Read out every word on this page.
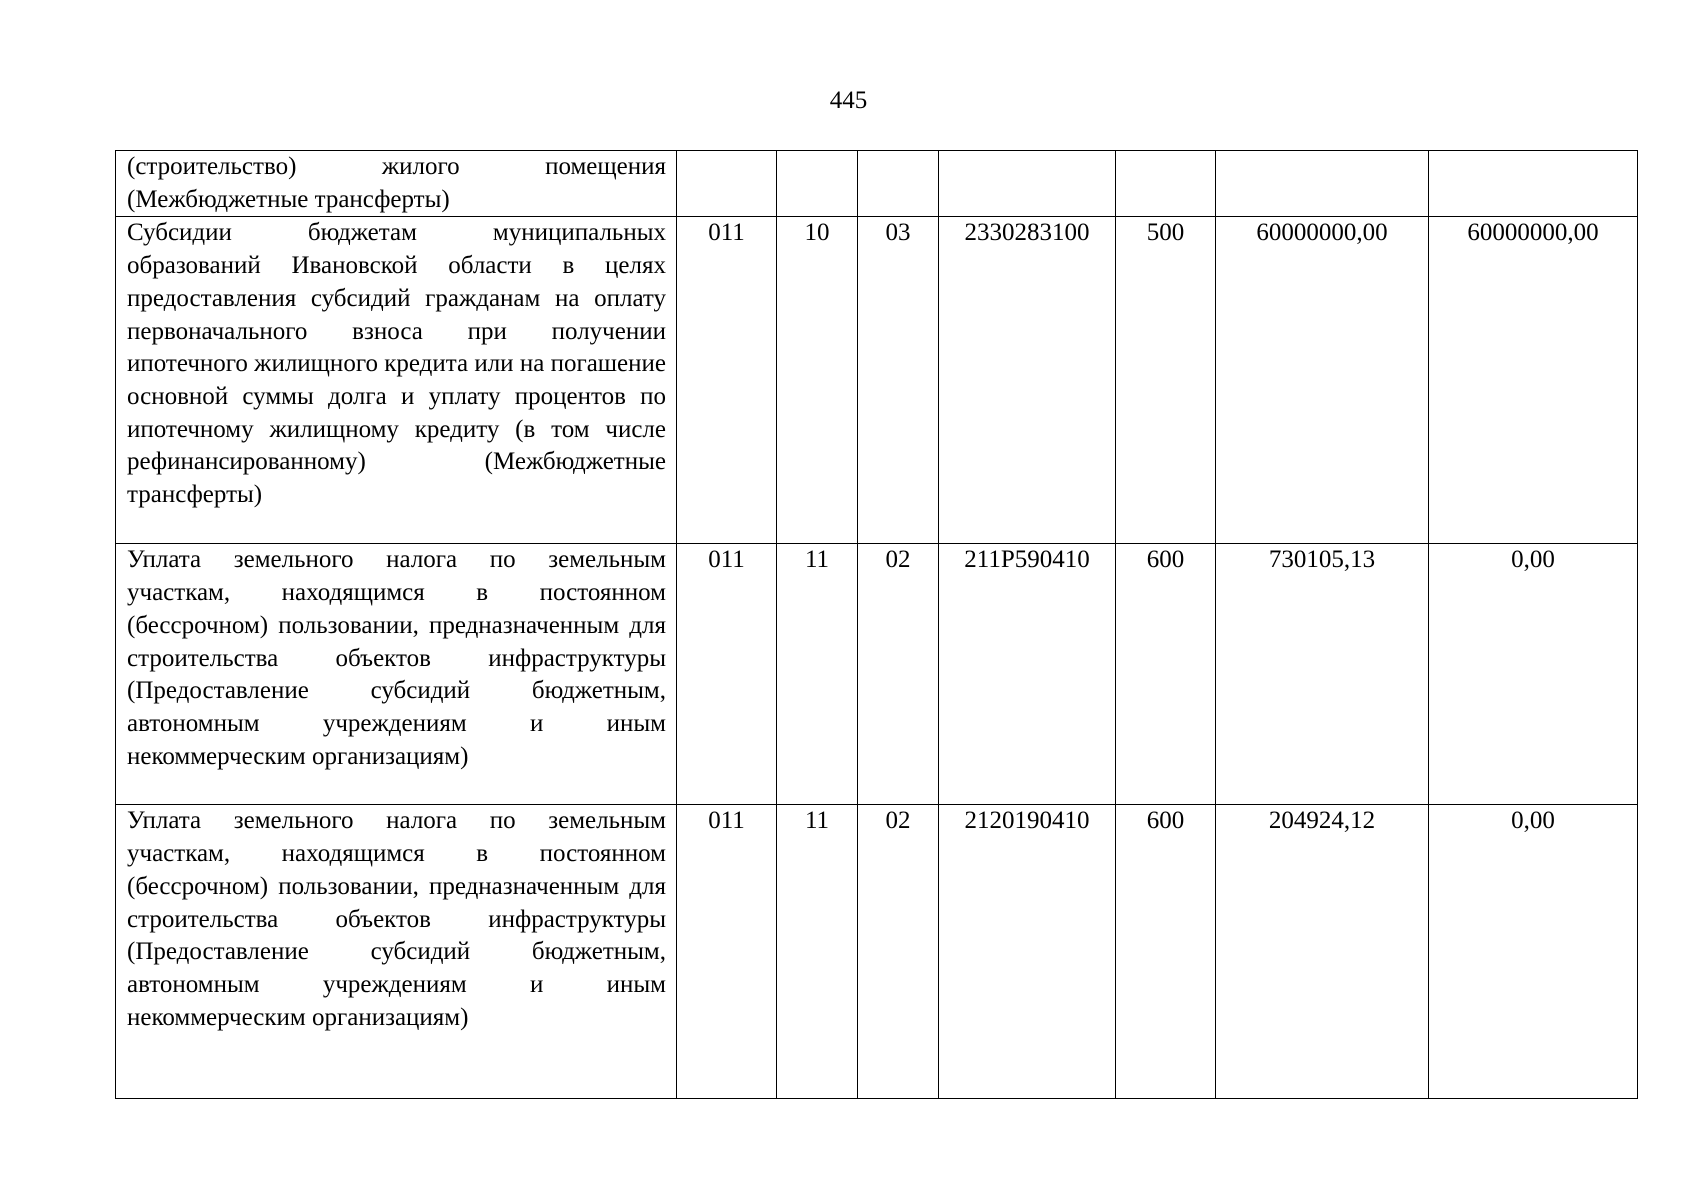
445
(строительство) жилого помещения (Межбюджетные трансферты)							
Субсидии бюджетам муниципальных образований Ивановской области в целях предоставления субсидий гражданам на оплату первоначального взноса при получении ипотечного жилищного кредита или на погашение основной суммы долга и уплату процентов по ипотечному жилищному кредиту (в том числе рефинансированному) (Межбюджетные трансферты)	011	10	03	2330283100	500	60000000,00	60000000,00
Уплата земельного налога по земельным участкам, находящимся в постоянном (бессрочном) пользовании, предназначенным для строительства объектов инфраструктуры (Предоставление субсидий бюджетным, автономным учреждениям и иным некоммерческим организациям)	011	11	02	211Р590410	600	730105,13	0,00
Уплата земельного налога по земельным участкам, находящимся в постоянном (бессрочном) пользовании, предназначенным для строительства объектов инфраструктуры (Предоставление субсидий бюджетным, автономным учреждениям и иным некоммерческим организациям)	011	11	02	2120190410	600	204924,12	0,00
